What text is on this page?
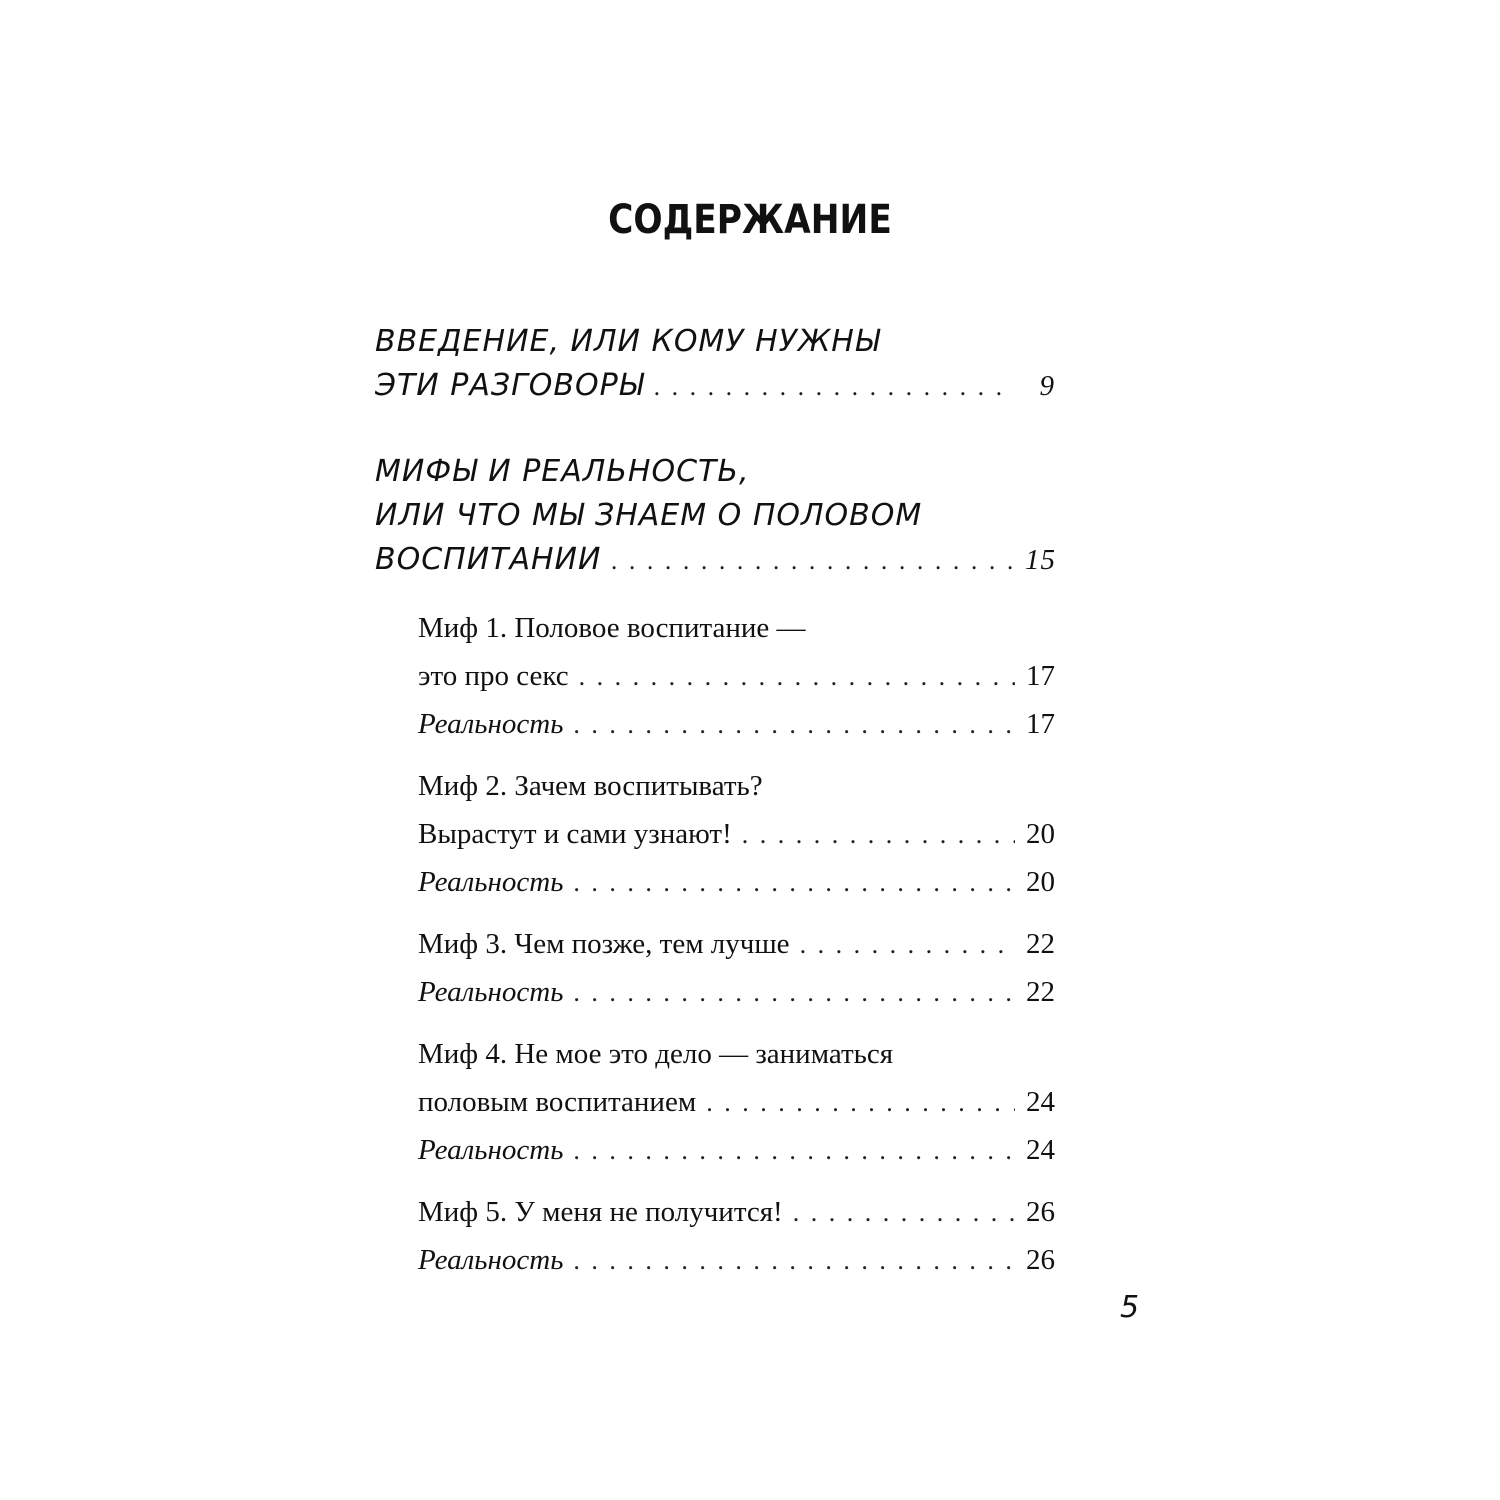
СОДЕРЖАНИЕ
ВВЕДЕНИЕ, ИЛИ КОМУ НУЖНЫ
ЭТИ РАЗГОВОРЫ . . .	9
МИФЫ И РЕАЛЬНОСТЬ,
ИЛИ ЧТО МЫ ЗНАЕМ О ПОЛОВОМ
ВОСПИТАНИИ . . .	15
Миф 1. Половое воспитание —
это про секс . . .	17
Реальность . . .	17
Миф 2. Зачем воспитывать?
Вырастут и сами узнают! . . .	20
Реальность . . .	20
Миф 3. Чем позже, тем лучше . . .	22
Реальность . . .	22
Миф 4. Не мое это дело — заниматься
половым воспитанием . . .	24
Реальность . . .	24
Миф 5. У меня не получится! . . .	26
Реальность . . .	26
5
